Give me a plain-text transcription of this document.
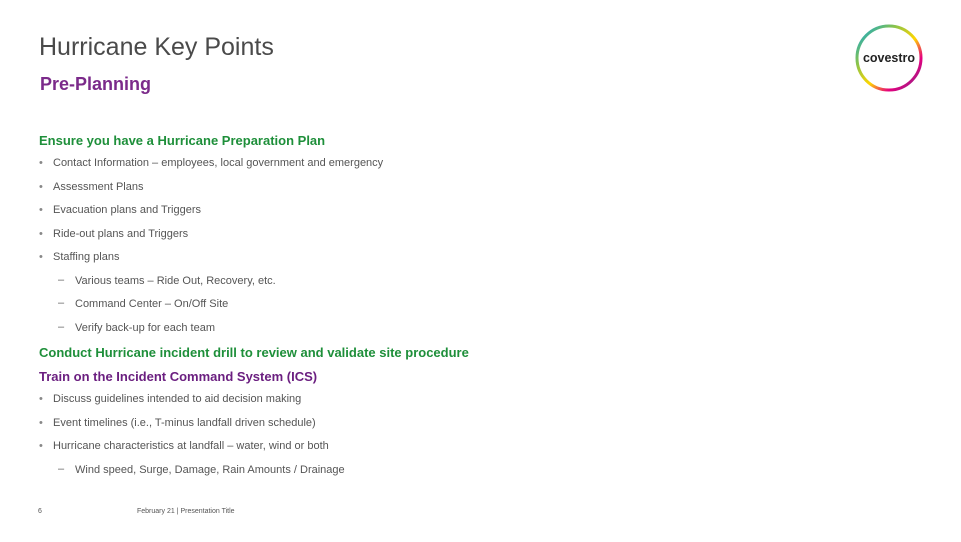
Hurricane Key Points
Pre-Planning
covestro
Ensure you have a Hurricane Preparation Plan
• Contact Information – employees, local government and emergency
• Assessment Plans
• Evacuation plans and Triggers
• Ride-out plans and Triggers
• Staffing plans
– Various teams – Ride Out, Recovery, etc.
– Command Center – On/Off Site
– Verify back-up for each team
Conduct Hurricane incident drill to review and validate site procedure
Train on the Incident Command System (ICS)
• Discuss guidelines intended to aid decision making
• Event timelines (i.e., T-minus landfall driven schedule)
• Hurricane characteristics at landfall – water, wind or both
– Wind speed, Surge, Damage, Rain Amounts / Drainage
6	February 21 | Presentation Title
